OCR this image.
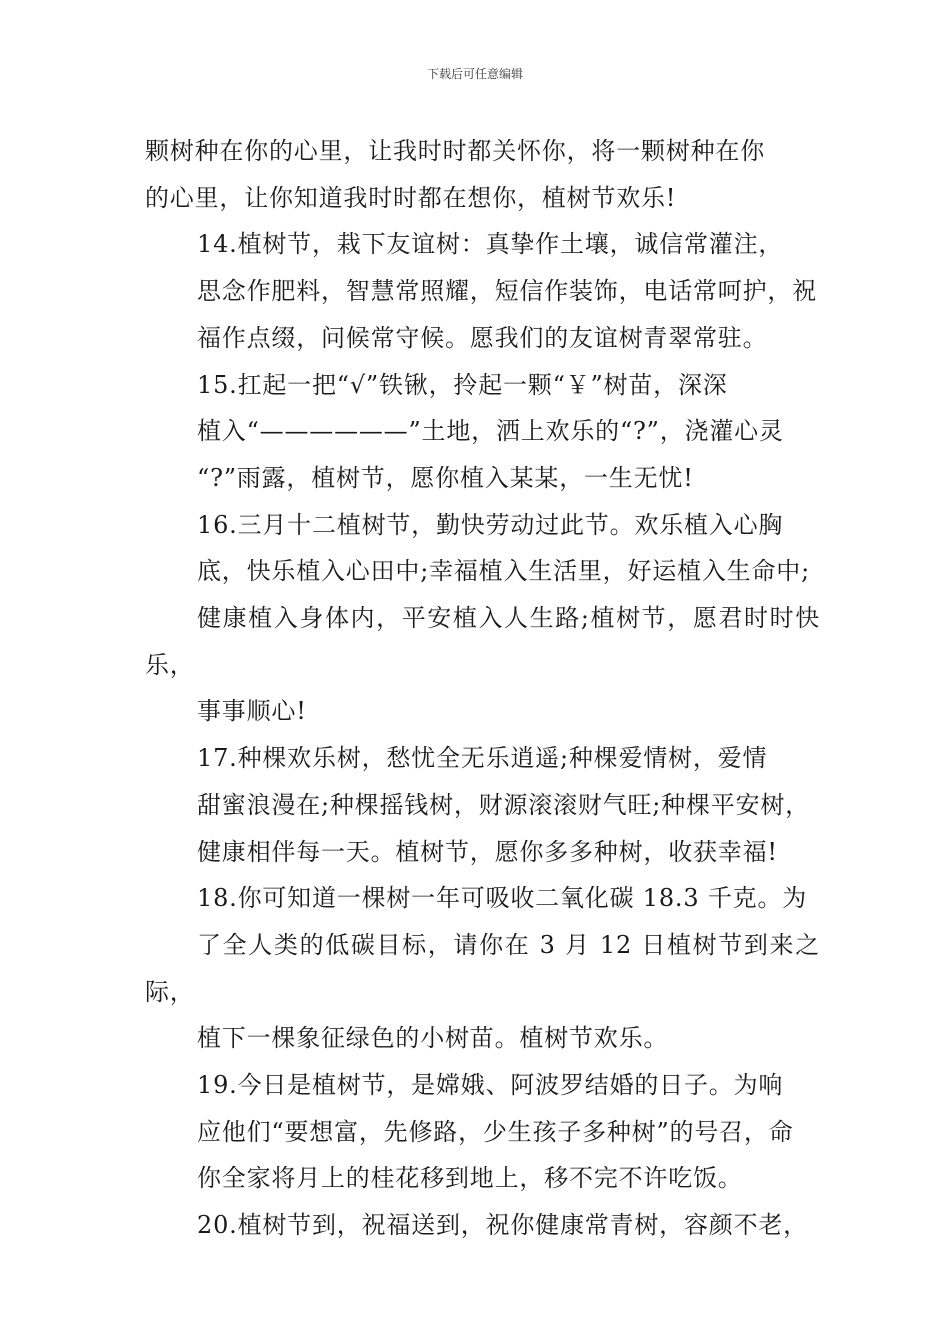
下载后可任意编辑

颗树种在你的心里，让我时时都关怀你，将一颗树种在你
的心里，让你知道我时时都在想你，植树节欢乐!

14.植树节，栽下友谊树：真挚作土壤，诚信常灌注，
思念作肥料，智慧常照耀，短信作装饰，电话常呵护，祝
福作点缀，问候常守候。愿我们的友谊树青翠常驻。

15.扛起一把“√”铁锹，拎起一颗“￥”树苗，深深
植入“——————”土地，洒上欢乐的“?”，浇灌心灵
“?”雨露，植树节，愿你植入某某，一生无忧!

16.三月十二植树节，勤快劳动过此节。欢乐植入心胸
底，快乐植入心田中;幸福植入生活里，好运植入生命中;
健康植入身体内，平安植入人生路;植树节，愿君时时快乐，
事事顺心!

17.种棵欢乐树，愁忧全无乐逍遥;种棵爱情树，爱情
甜蜜浪漫在;种棵摇钱树，财源滚滚财气旺;种棵平安树，
健康相伴每一天。植树节，愿你多多种树，收获幸福!

18.你可知道一棵树一年可吸收二氧化碳 18.3 千克。为
了全人类的低碳目标，请你在 3 月 12 日植树节到来之际，
植下一棵象征绿色的小树苗。植树节欢乐。

19.今日是植树节，是嫦娥、阿波罗结婚的日子。为响
应他们“要想富，先修路，少生孩子多种树”的号召，命
你全家将月上的桂花移到地上，移不完不许吃饭。

20.植树节到，祝福送到，祝你健康常青树，容颜不老，
